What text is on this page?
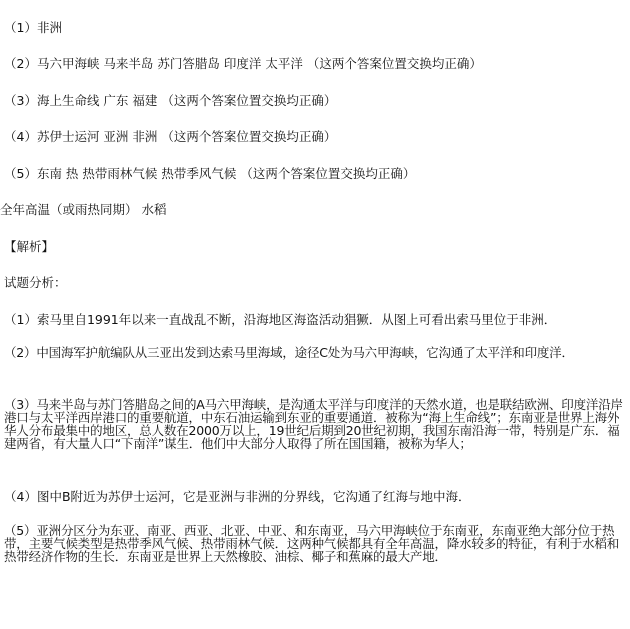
（1）非洲
（2）马六甲海峡 马来半岛 苏门答腊岛 印度洋 太平洋 （这两个答案位置交换均正确）
（3）海上生命线 广东 福建 （这两个答案位置交换均正确）
（4）苏伊士运河 亚洲 非洲 （这两个答案位置交换均正确）
（5）东南 热 热带雨林气候 热带季风气候 （这两个答案位置交换均正确）
全年高温（或雨热同期） 水稻
【解析】
试题分析：
（1）索马里自1991年以来一直战乱不断，沿海地区海盗活动猖獗．从图上可看出索马里位于非洲．
（2）中国海军护航编队从三亚出发到达索马里海域，途径C处为马六甲海峡，它沟通了太平洋和印度洋．
（3）马来半岛与苏门答腊岛之间的A马六甲海峡，是沟通太平洋与印度洋的天然水道，也是联结欧洲、印度洋沿岸港口与太平洋西岸港口的重要航道，中东石油运输到东亚的重要通道．被称为“海上生命线”；东南亚是世界上海外华人分布最集中的地区，总人数在2000万以上，19世纪后期到20世纪初期，我国东南沿海一带，特别是广东．福建两省，有大量人口“下南洋”谋生．他们中大部分人取得了所在国国籍，被称为华人；
（4）图中B附近为苏伊士运河，它是亚洲与非洲的分界线，它沟通了红海与地中海．
（5）亚洲分区分为东亚、南亚、西亚、北亚、中亚、和东南亚，马六甲海峡位于东南亚，东南亚绝大部分位于热带，主要气候类型是热带季风气候、热带雨林气候．这两种气候都具有全年高温，降水较多的特征，有利于水稻和热带经济作物的生长．东南亚是世界上天然橡胶、油棕、椰子和蕉麻的最大产地．
